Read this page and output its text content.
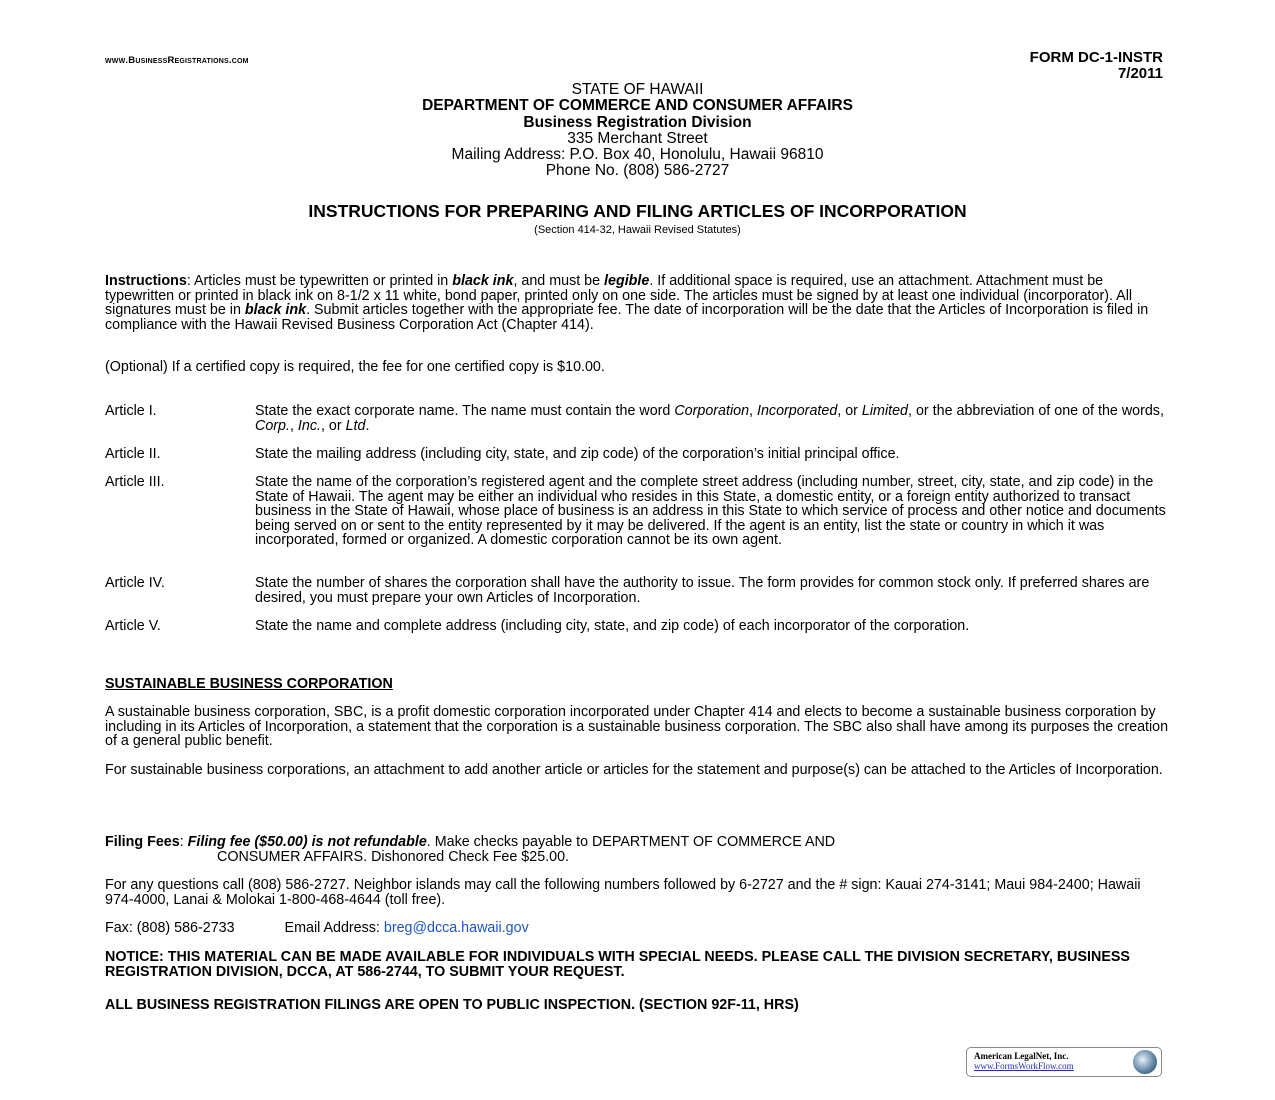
www.BusinessRegistrations.com	FORM DC-1-INSTR
7/2011
STATE OF HAWAII
DEPARTMENT OF COMMERCE AND CONSUMER AFFAIRS
Business Registration Division
335 Merchant Street
Mailing Address: P.O. Box 40, Honolulu, Hawaii 96810
Phone No. (808) 586-2727
INSTRUCTIONS FOR PREPARING AND FILING ARTICLES OF INCORPORATION
(Section 414-32, Hawaii Revised Statutes)
Instructions: Articles must be typewritten or printed in black ink, and must be legible. If additional space is required, use an attachment. Attachment must be typewritten or printed in black ink on 8-1/2 x 11 white, bond paper, printed only on one side. The articles must be signed by at least one individual (incorporator). All signatures must be in black ink. Submit articles together with the appropriate fee. The date of incorporation will be the date that the Articles of Incorporation is filed in compliance with the Hawaii Revised Business Corporation Act (Chapter 414).
(Optional) If a certified copy is required, the fee for one certified copy is $10.00.
Article I.	State the exact corporate name. The name must contain the word Corporation, Incorporated, or Limited, or the abbreviation of one of the words, Corp., Inc., or Ltd.
Article II.	State the mailing address (including city, state, and zip code) of the corporation’s initial principal office.
Article III.	State the name of the corporation’s registered agent and the complete street address (including number, street, city, state, and zip code) in the State of Hawaii. The agent may be either an individual who resides in this State, a domestic entity, or a foreign entity authorized to transact business in the State of Hawaii, whose place of business is an address in this State to which service of process and other notice and documents being served on or sent to the entity represented by it may be delivered. If the agent is an entity, list the state or country in which it was incorporated, formed or organized. A domestic corporation cannot be its own agent.
Article IV.	State the number of shares the corporation shall have the authority to issue. The form provides for common stock only. If preferred shares are desired, you must prepare your own Articles of Incorporation.
Article V.	State the name and complete address (including city, state, and zip code) of each incorporator of the corporation.
SUSTAINABLE BUSINESS CORPORATION
A sustainable business corporation, SBC, is a profit domestic corporation incorporated under Chapter 414 and elects to become a sustainable business corporation by including in its Articles of Incorporation, a statement that the corporation is a sustainable business corporation. The SBC also shall have among its purposes the creation of a general public benefit.
For sustainable business corporations, an attachment to add another article or articles for the statement and purpose(s) can be attached to the Articles of Incorporation.
Filing Fees: Filing fee ($50.00) is not refundable. Make checks payable to DEPARTMENT OF COMMERCE AND
CONSUMER AFFAIRS. Dishonored Check Fee $25.00.
For any questions call (808) 586-2727. Neighbor islands may call the following numbers followed by 6-2727 and the # sign: Kauai 274-3141; Maui 984-2400; Hawaii 974-4000, Lanai & Molokai 1-800-468-4644 (toll free).
Fax: (808) 586-2733	Email Address: breg@dcca.hawaii.gov
NOTICE: THIS MATERIAL CAN BE MADE AVAILABLE FOR INDIVIDUALS WITH SPECIAL NEEDS. PLEASE CALL THE DIVISION SECRETARY, BUSINESS REGISTRATION DIVISION, DCCA, AT 586-2744, TO SUBMIT YOUR REQUEST.
ALL BUSINESS REGISTRATION FILINGS ARE OPEN TO PUBLIC INSPECTION. (SECTION 92F-11, HRS)
American LegalNet, Inc.
www.FormsWorkFlow.com
